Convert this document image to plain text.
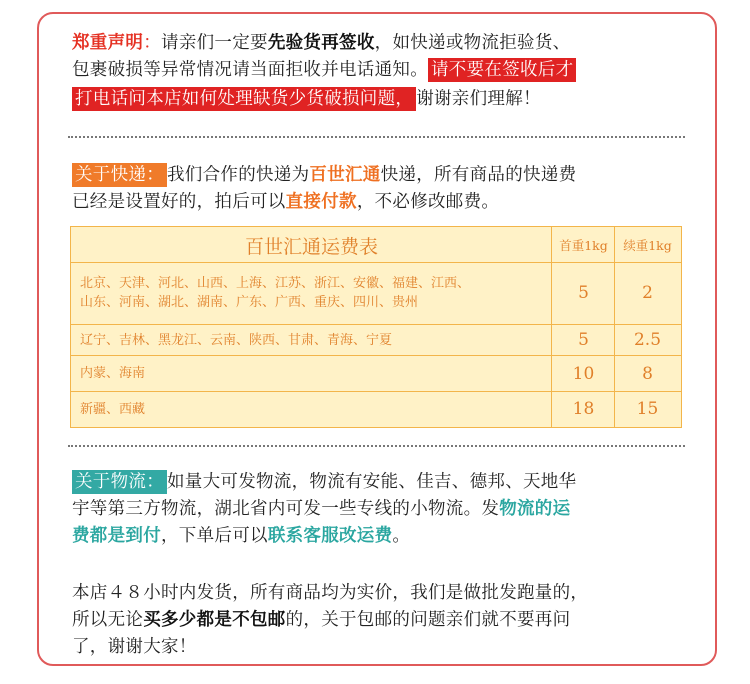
郑重声明：请亲们一定要先验货再签收，如快递或物流拒验货、
包裹破损等异常情况请当面拒收并电话通知。 请不要在签收后才
打电话问本店如何处理缺货少货破损问题， 谢谢亲们理解！
关于快递： 我们合作的快递为百世汇通快递，所有商品的快递费
已经是设置好的，拍后可以直接付款，不必修改邮费。
百世汇通运费表	首重1kg	续重1kg
北京、天津、河北、山西、上海、江苏、浙江、安徽、福建、江西、
山东、河南、湖北、湖南、广东、广西、重庆、四川、贵州	5	2
辽宁、吉林、黑龙江、云南、陕西、甘肃、青海、宁夏	5	2.5
内蒙、海南	10	8
新疆、西藏	18	15
关于物流： 如量大可发物流，物流有安能、佳吉、德邦、天地华
宇等第三方物流，湖北省内可发一些专线的小物流。发物流的运
费都是到付，下单后可以联系客服改运费。
本店４８小时内发货，所有商品均为实价，我们是做批发跑量的，
所以无论买多少都是不包邮的，关于包邮的问题亲们就不要再问
了，谢谢大家！
